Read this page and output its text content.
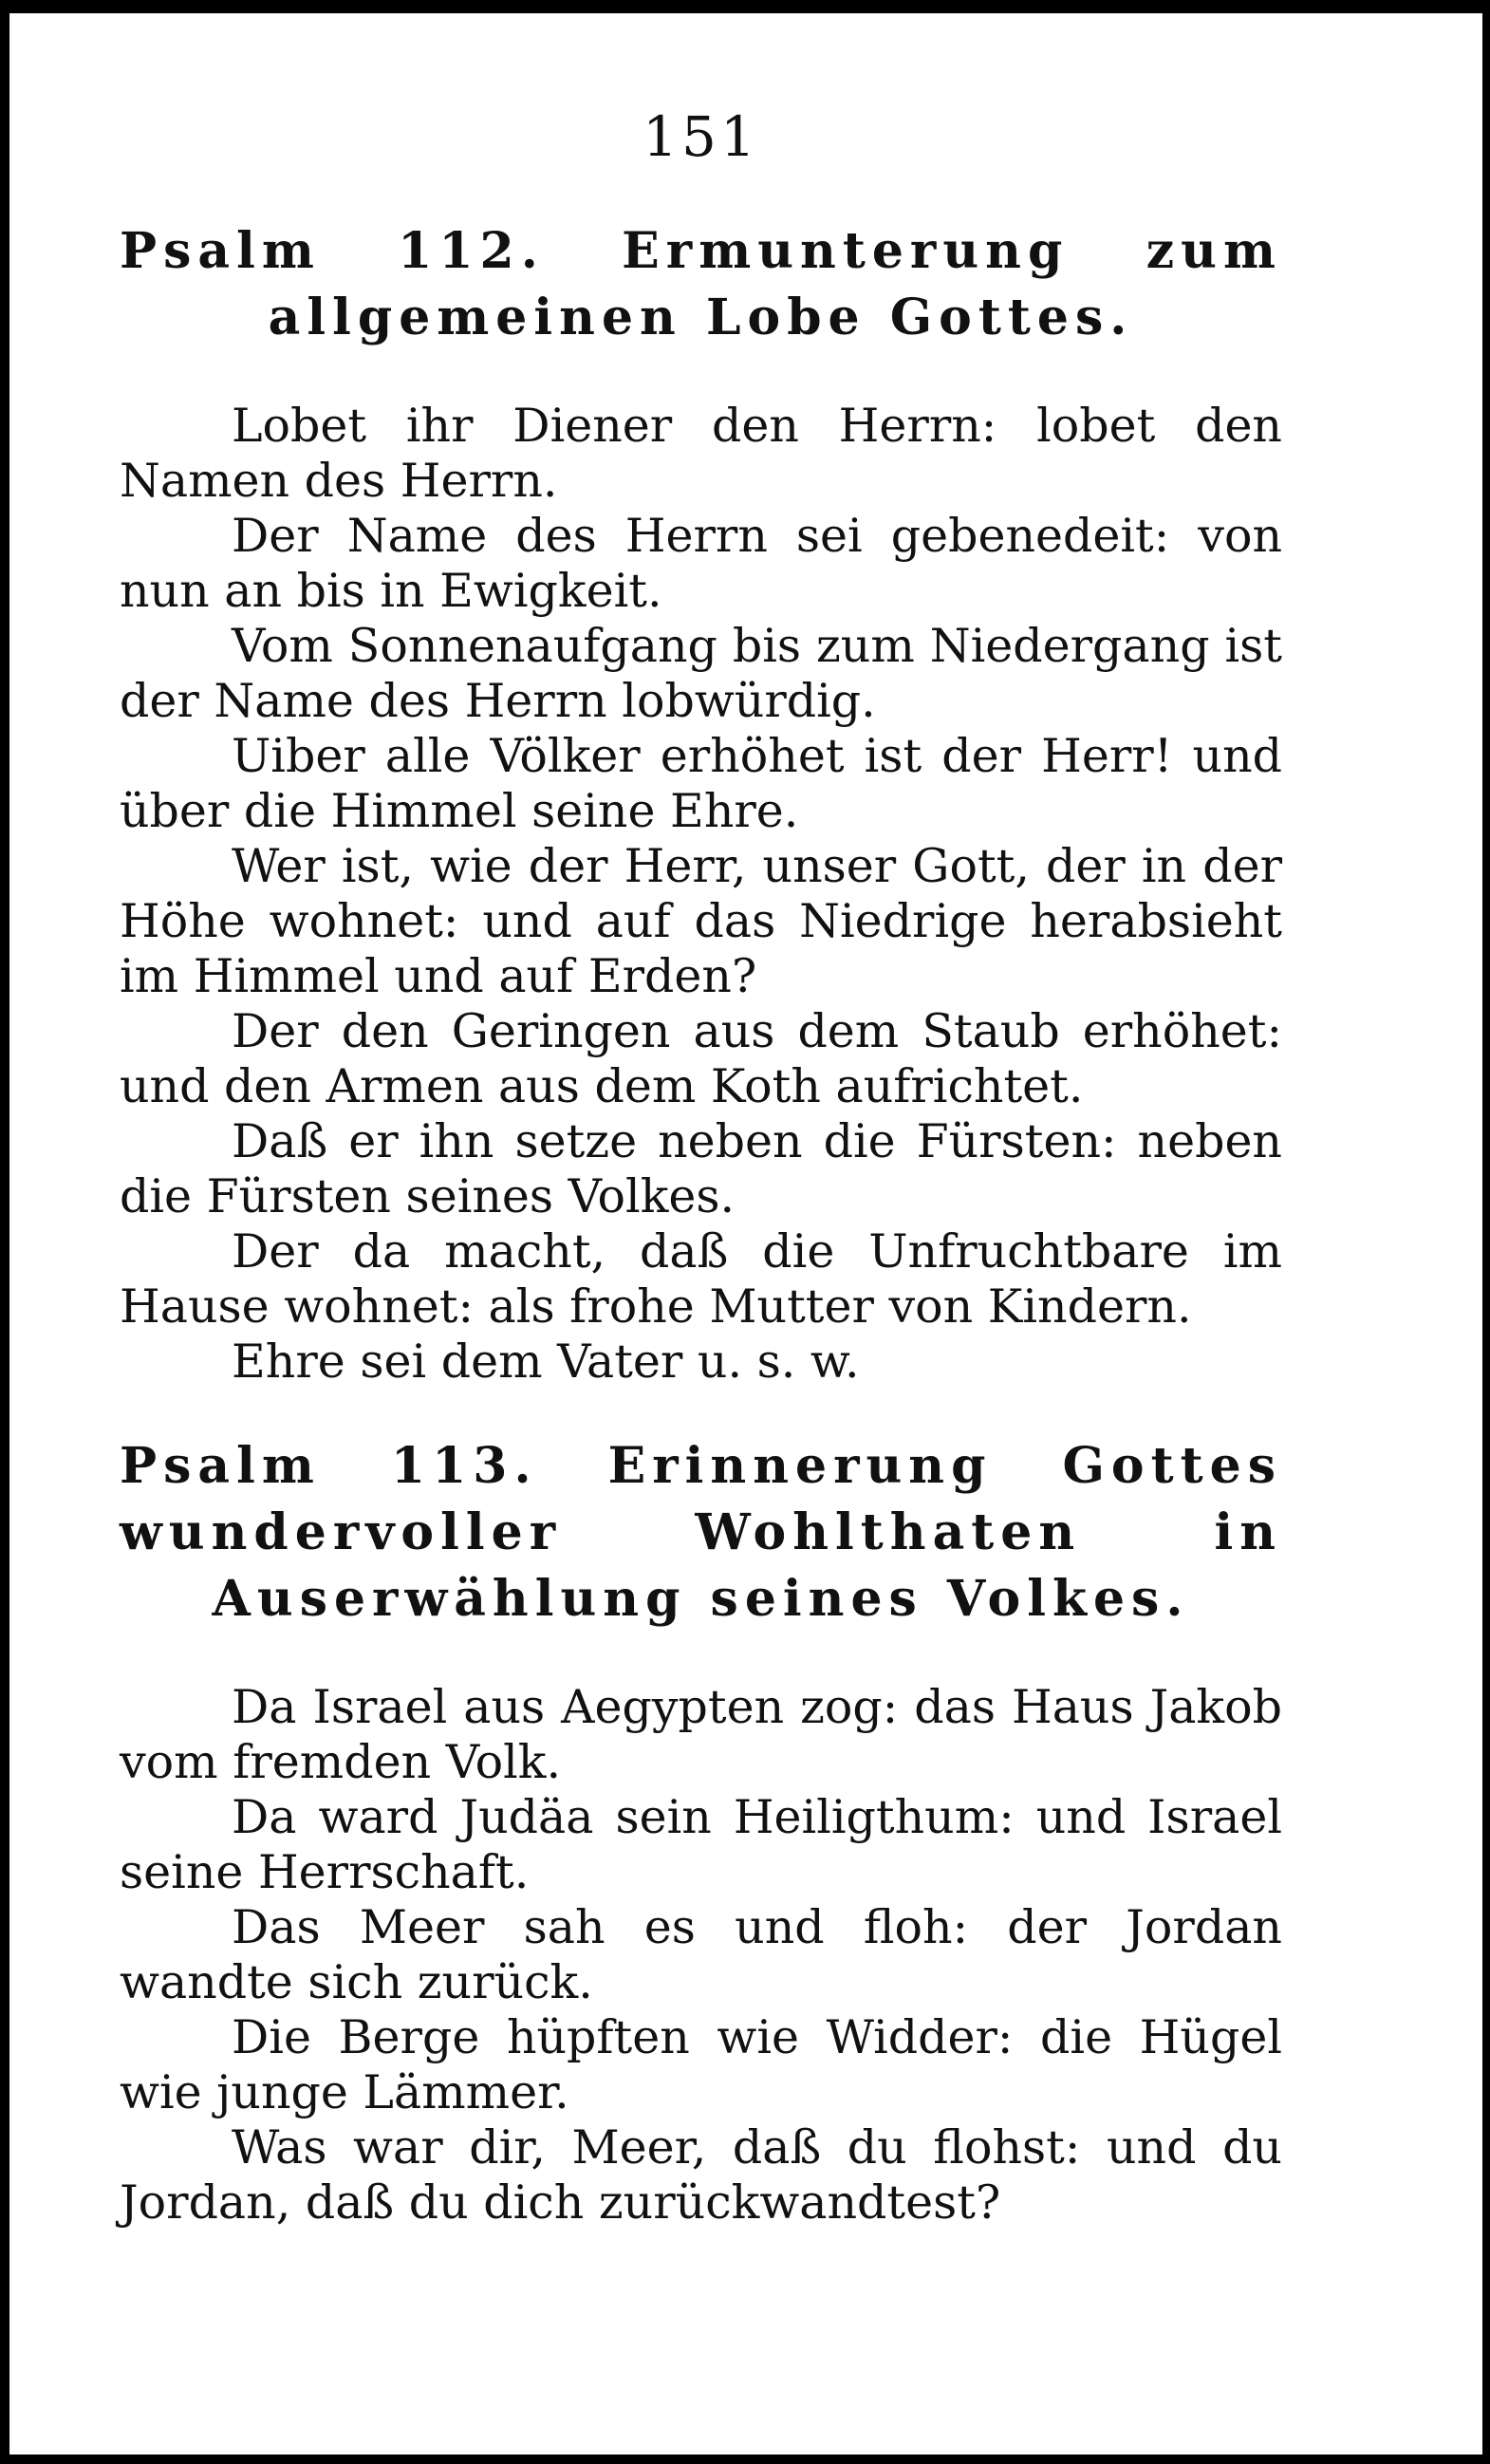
151
Psalm 112. Ermunterung zum allgemeinen Lobe Gottes.

Lobet ihr Diener den Herrn: lobet den Namen des Herrn.

Der Name des Herrn sei gebenedeit: von nun an bis in Ewigkeit.

Vom Sonnenaufgang bis zum Niedergang ist der Name des Herrn lobwürdig.

Uiber alle Völker erhöhet ist der Herr! und über die Himmel seine Ehre.

Wer ist, wie der Herr, unser Gott, der in der Höhe wohnet: und auf das Niedrige herabsieht im Himmel und auf Erden?

Der den Geringen aus dem Staub erhöhet: und den Armen aus dem Koth aufrichtet.

Daß er ihn setze neben die Fürsten: neben die Fürsten seines Volkes.

Der da macht, daß die Unfruchtbare im Hause wohnet: als frohe Mutter von Kindern.

Ehre sei dem Vater u. s. w.

Psalm 113. Erinnerung Gottes wundervoller Wohlthaten in Auserwählung seines Volkes.

Da Israel aus Aegypten zog: das Haus Jakob vom fremden Volk.

Da ward Judäa sein Heiligthum: und Israel seine Herrschaft.

Das Meer sah es und floh: der Jordan wandte sich zurück.

Die Berge hüpften wie Widder: die Hügel wie junge Lämmer.

Was war dir, Meer, daß du flohst: und du Jordan, daß du dich zurückwandtest?
